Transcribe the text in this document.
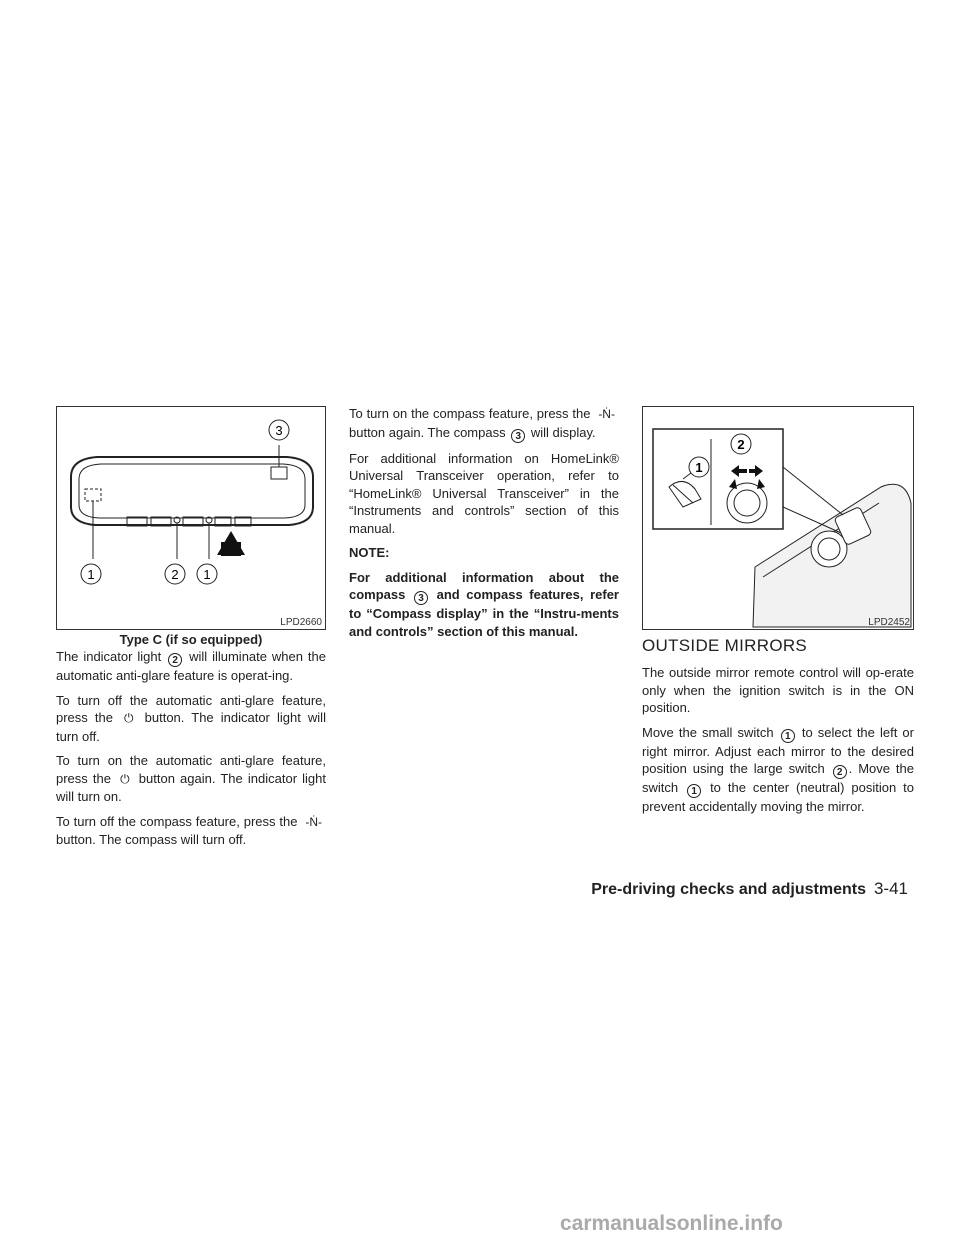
3
1	2 1
LPD2660
Type C (if so equipped)

The indicator light 2 will illuminate when the automatic anti-glare feature is operat-ing.

To turn off the automatic anti-glare feature, press the ⏻ button. The indicator light will turn off.

To turn on the automatic anti-glare feature, press the ⏻ button again. The indicator light will turn on.

To turn off the compass feature, press the -Ṅ- button. The compass will turn off.

To turn on the compass feature, press the -Ṅ- button again. The compass 3 will display.

For additional information on HomeLink® Universal Transceiver operation, refer to “HomeLink® Universal Transceiver” in the “Instruments and controls” section of this manual.

NOTE:

For additional information about the compass 3 and compass features, refer to “Compass display” in the “Instru-ments and controls” section of this manual.

2
1
LPD2452
OUTSIDE MIRRORS

The outside mirror remote control will op-erate only when the ignition switch is in the ON position.

Move the small switch 1 to select the left or right mirror. Adjust each mirror to the desired position using the large switch 2 . Move the switch 1 to the center (neutral) position to prevent accidentally moving the mirror.

Pre-driving checks and adjustments 3-41
carmanualsonline.info
